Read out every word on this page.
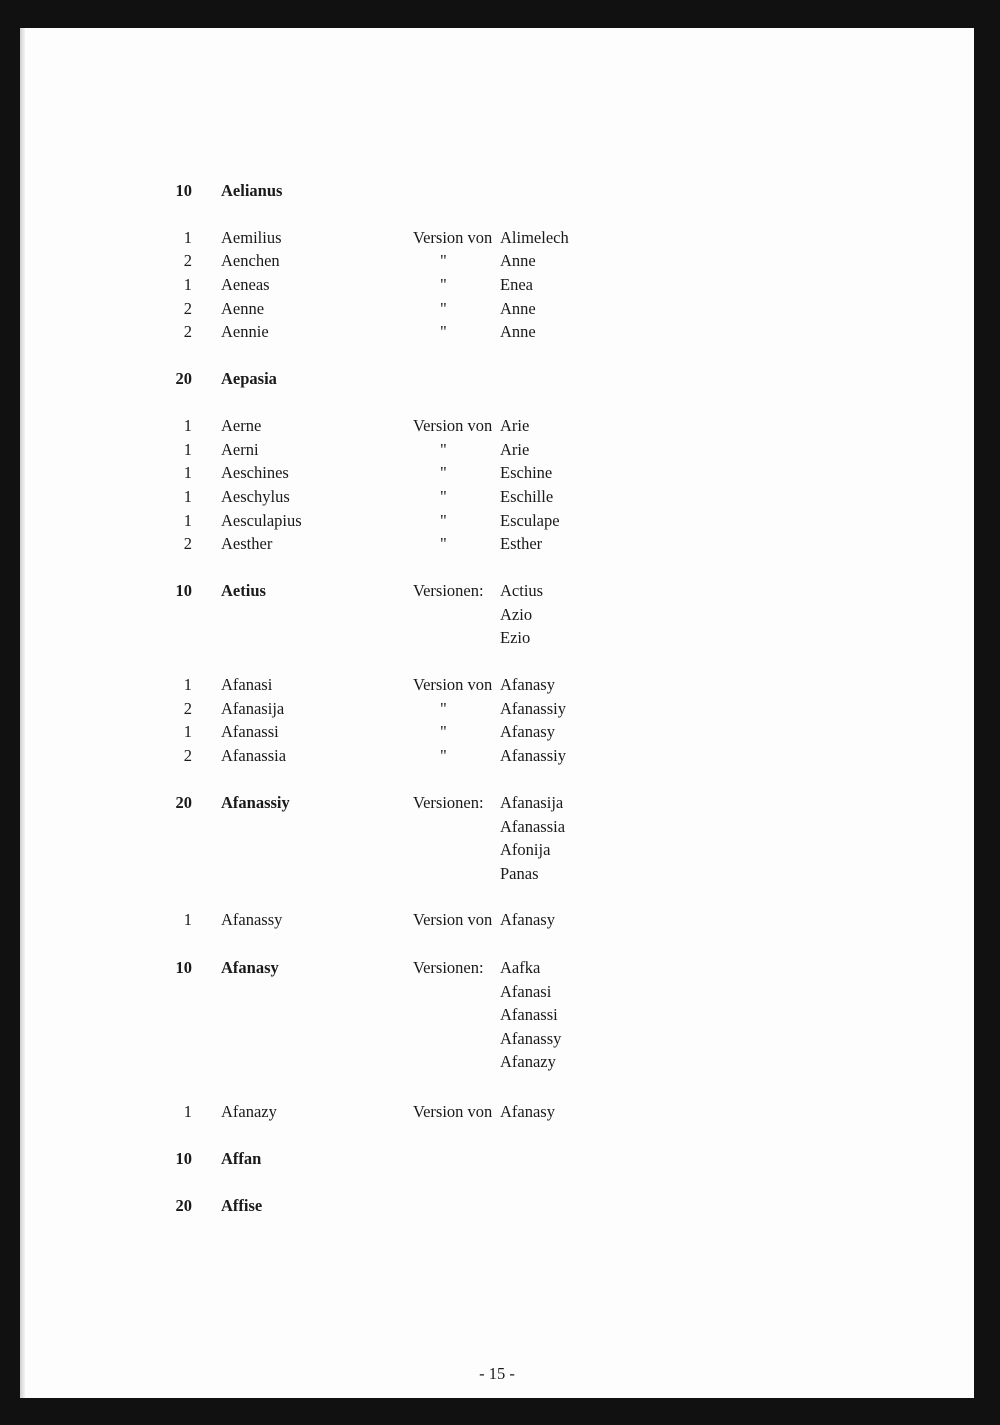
10 Aelianus
1 Aemilius	Version von Alimelech
2 Aenchen	"	Anne
1 Aeneas	"	Enea
2 Aenne	"	Anne
2 Aennie	"	Anne
20 Aepasia
1 Aerne	Version von Arie
1 Aerni	"	Arie
1 Aeschines	"	Eschine
1 Aeschylus	"	Eschille
1 Aesculapius	"	Esculape
2 Aesther	"	Esther
10 Aetius	Versionen: Actius
Azio
Ezio
1 Afanasi	Version von Afanasy
2 Afanasija	"	Afanassiy
1 Afanassi	"	Afanasy
2 Afanassia	"	Afanassiy
20 Afanassiy	Versionen: Afanasija
Afanassia
Afonija
Panas
1 Afanassy	Version von Afanasy
10 Afanasy	Versionen: Aafka
Afanasi
Afanassi
Afanassy
Afanazy
1 Afanazy	Version von Afanasy
10 Affan
20 Affise
- 15 -
